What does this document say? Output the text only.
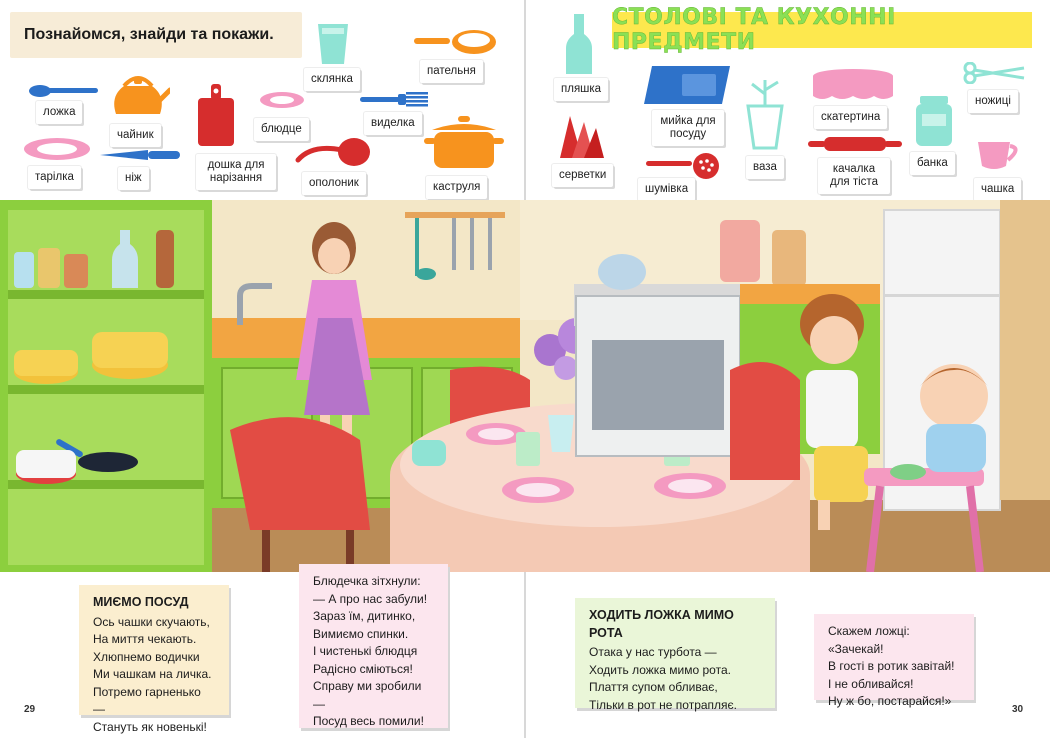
Познайомся, знайди та покажи.
СТОЛОВІ ТА КУХОННІ ПРЕДМЕТИ
ложка
чайник
тарілка	ніж
дошка для нарізання
блюдце
склянка
виделка
ополоник
пательня
каструля
пляшка
серветки
мийка для посуду
шумівка
ваза
скатертина
качалка для тіста
банка
ножиці
чашка
МИЄМО ПОСУД
Ось чашки скучають,
На миття чекають.
Хлюпнемо водички
Ми чашкам на личка.
Потремо гарненько —
Стануть як новенькі!
Блюдечка зітхнули:
— А про нас забули!
Зараз їм, дитинко,
Вимиємо спинки.
І чистенькі блюдця
Радісно сміються!
Справу ми зробили —
Посуд весь помили!
ХОДИТЬ ЛОЖКА МИМО РОТА
Отака у нас турбота —
Ходить ложка мимо рота.
Плаття супом обливає,
Тільки в рот не потрапляє.
Скажем ложці: «Зачекай!
В гості в ротик завітай!
І не обливайся!
Ну ж бо, постарайся!»
29	30
